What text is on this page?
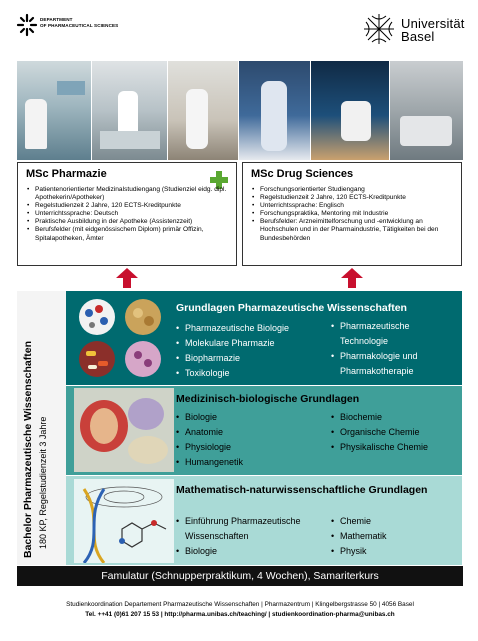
DEPARTMENT
OF PHARMACEUTICAL SCIENCES	Universität
Basel
MSc Pharmazie
• Patientenorientierter Medizinalstudiengang (Studienziel eidg. dipl. Apothekerin/Apotheker)
• Regelstudienzeit 2 Jahre, 120 ECTS-Kreditpunkte
• Unterrichtssprache: Deutsch
• Praktische Ausbildung in der Apotheke (Assistenzzeit)
• Berufsfelder (mit eidgenössischem Diplom) primär Offizin, Spitalapotheken, Ämter
MSc Drug Sciences
• Forschungsorientierter Studiengang
• Regelstudienzeit 2 Jahre, 120 ECTS-Kreditpunkte
• Unterrichtssprache: Englisch
• Forschungspraktika, Mentoring mit Industrie
• Berufsfelder: Arzneimittelforschung und -entwicklung an Hochschulen und in der Pharmaindustrie, Tätigkeiten bei den Bundesbehörden
Bachelor Pharmazeutische Wissenschaften 180 KP, Regelstudienzeit 3 Jahre
Grundlagen Pharmazeutische Wissenschaften
• Pharmazeutische Biologie
• Molekulare Pharmazie
• Biopharmazie
• Toxikologie
• Pharmazeutische Technologie
• Pharmakologie und Pharmakotherapie
Medizinisch-biologische Grundlagen
• Biologie
• Anatomie
• Physiologie
• Humangenetik
• Biochemie
• Organische Chemie
• Physikalische Chemie
Mathematisch-naturwissenschaftliche Grundlagen
• Einführung Pharmazeutische Wissenschaften
• Biologie
• Chemie
• Mathematik
• Physik
Famulatur (Schnupperpraktikum, 4 Wochen), Samariterkurs
Studienkoordination Departement Pharmazeutische Wissenschaften | Pharmazentrum | Klingelbergstrasse 50 | 4056 Basel
Tel. ++41 (0)61 207 15 53 | http://pharma.unibas.ch/teaching/ | studienkoordination-pharma@unibas.ch
